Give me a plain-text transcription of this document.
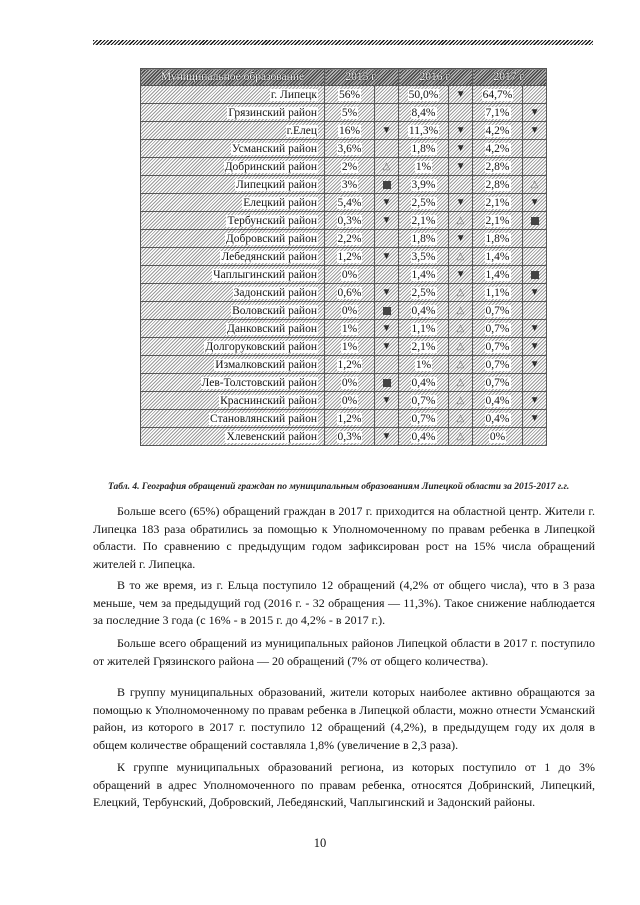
Муниципальное образование	2015 г.		2016 г.		2017 г.	
г. Липецк	56%		50,0%	▼	64,7%	
Грязинский район	5%		8,4%		7,1%	▼
г.Елец	16%	▼	11,3%	▼	4,2%	▼
Усманский район	3,6%		1,8%	▼	4,2%	
Добринский район	2%	△	1%	▼	2,8%	
Липецкий район	3%		3,9%		2,8%	△
Елецкий район	5,4%	▼	2,5%	▼	2,1%	▼
Тербунский район	0,3%	▼	2,1%	△	2,1%	
Добровский район	2,2%		1,8%	▼	1,8%	
Лебедянский район	1,2%	▼	3,5%	△	1,4%	
Чаплыгинский район	0%		1,4%	▼	1,4%	
Задонский район	0,6%	▼	2,5%	△	1,1%	▼
Воловский район	0%		0,4%	△	0,7%	
Данковский район	1%	▼	1,1%	△	0,7%	▼
Долгоруковский район	1%	▼	2,1%	△	0,7%	▼
Измалковский район	1,2%		1%	△	0,7%	▼
Лев-Толстовский район	0%		0,4%	△	0,7%	
Краснинский район	0%	▼	0,7%	△	0,4%	▼
Становлянский район	1,2%		0,7%	△	0,4%	▼
Хлевенский район	0,3%	▼	0,4%	△	0%	
Табл. 4. География обращений граждан по муниципальным образованиям Липецкой области за 2015-2017 г.г.

Больше всего (65%) обращений граждан в 2017 г. приходится на областной центр. Жители г. Липецка 183 раза обратились за помощью к Уполномоченному по правам ребенка в Липецкой области. По сравнению с предыдущим годом зафиксирован рост на 15% числа обращений жителей г. Липецка.

В то же время, из г. Ельца поступило 12 обращений (4,2% от общего числа), что в 3 раза меньше, чем за предыдущий год (2016 г. - 32 обращения — 11,3%). Такое снижение наблюдается за последние 3 года (с 16% - в 2015 г. до 4,2% - в 2017 г.).

Больше всего обращений из муниципальных районов Липецкой области в 2017 г. поступило от жителей Грязинского района — 20 обращений (7% от общего количества).

В группу муниципальных образований, жители которых наиболее активно обращаются за помощью к Уполномоченному по правам ребенка в Липецкой области, можно отнести Усманский район, из которого в 2017 г. поступило 12 обращений (4,2%), в предыдущем году их доля в общем количестве обращений составляла 1,8% (увеличение в 2,3 раза).

К группе муниципальных образований региона, из которых поступило от 1 до 3% обращений в адрес Уполномоченного по правам ребенка, относятся Добринский, Липецкий, Елецкий, Тербунский, Добровский, Лебедянский, Чаплыгинский и Задонский районы.

10
